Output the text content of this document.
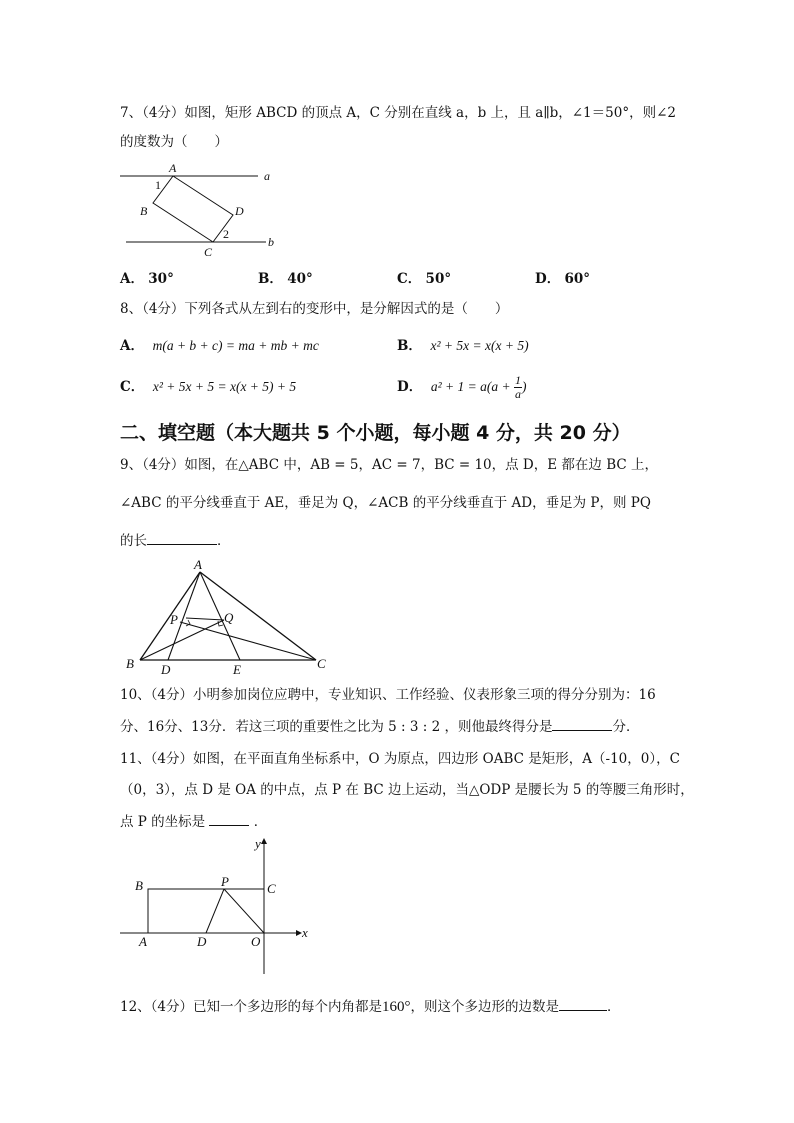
7、（4分）如图，矩形 ABCD 的顶点 A，C 分别在直线 a，b 上，且 a∥b，∠1＝50°，则∠2
的度数为（　　）
A
B
C
D
a
b
1
2
A． 30°	B． 40°	C． 50°	D． 60°
8、（4分）下列各式从左到右的变形中，是分解因式的是（　　）
A． m(a + b + c) = ma + mb + mc	B． x² + 5x = x(x + 5)
C． x² + 5x + 5 = x(x + 5) + 5	D． $a^2 + 1 = a(a + \frac{1}{a}$ )
二、填空题（本大题共 5 个小题，每小题 4 分，共 20 分）
9、（4分）如图，在△ABC 中，AB = 5，AC = 7，BC = 10，点 D，E 都在边 BC 上，
∠ABC 的平分线垂直于 AE，垂足为 Q，∠ACB 的平分线垂直于 AD，垂足为 P，则 PQ
的长	．
A
B	C
D	E
P	Q
10、（4分）小明参加岗位应聘中，专业知识、工作经验、仪表形象三项的得分分别为：16
分、16分、13分．若这三项的重要性之比为 5 : 3 : 2 ，则他最终得分是	分．
11、（4分）如图，在平面直角坐标系中，O 为原点，四边形 OABC 是矩形，A（-10，0），C
（0，3），点 D 是 OA 的中点，点 P 在 BC 边上运动，当△ODP 是腰长为 5 的等腰三角形时，
点 P 的坐标是	．
B
A	D	O
P	C
x
y
12、（4分）已知一个多边形的每个内角都是160°，则这个多边形的边数是	．
